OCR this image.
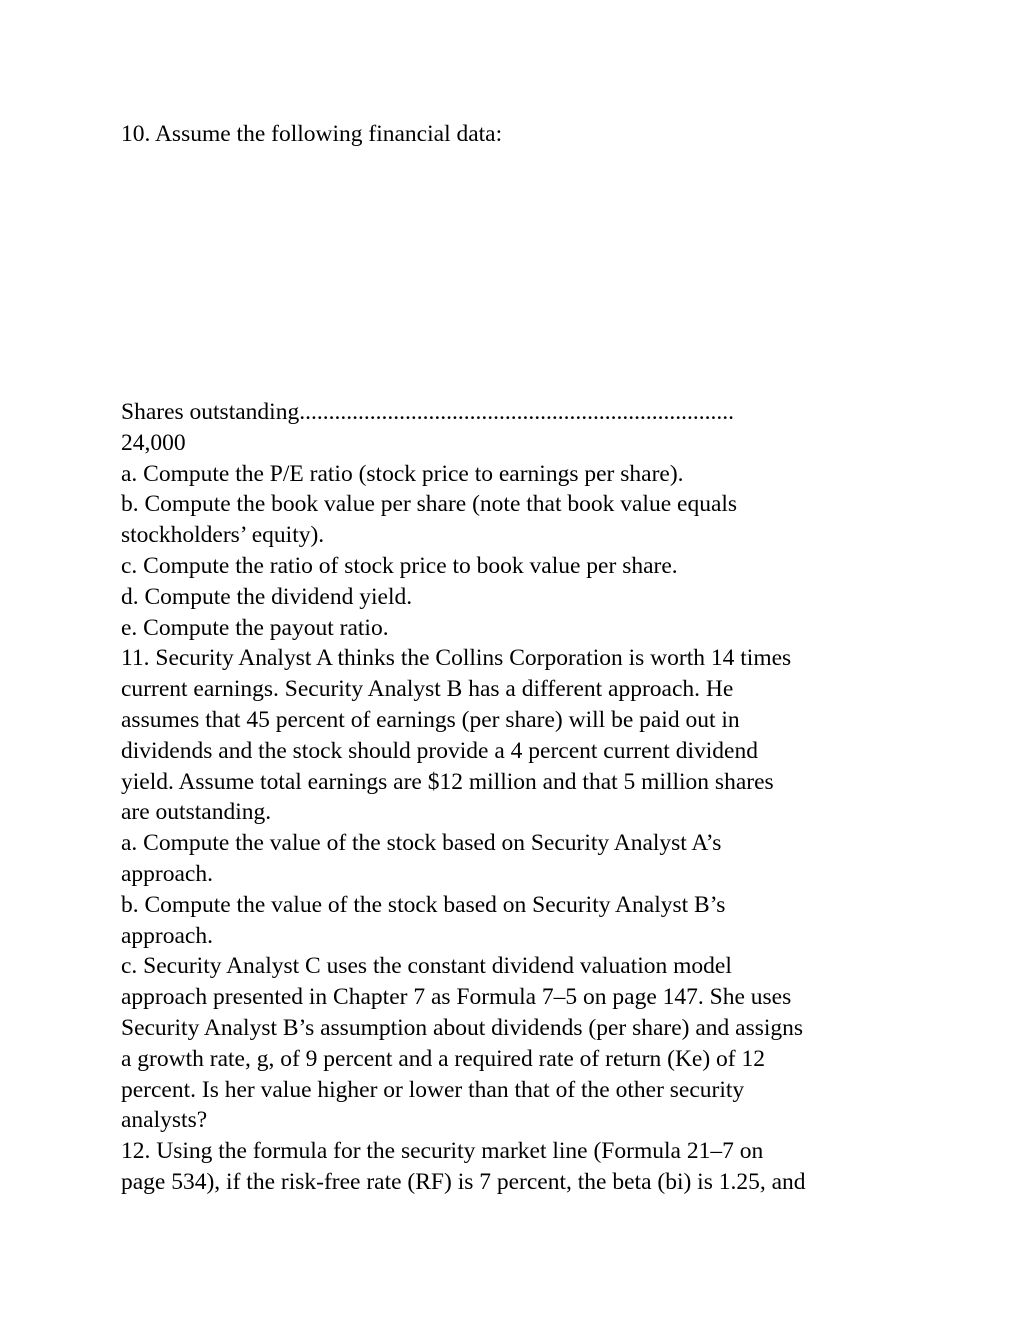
10. Assume the following financial data:

Shares outstanding..........................................................................
24,000
a. Compute the P/E ratio (stock price to earnings per share).
b. Compute the book value per share (note that book value equals
stockholders’ equity).
c. Compute the ratio of stock price to book value per share.
d. Compute the dividend yield.
e. Compute the payout ratio.
11. Security Analyst A thinks the Collins Corporation is worth 14 times
current earnings. Security Analyst B has a different approach. He
assumes that 45 percent of earnings (per share) will be paid out in
dividends and the stock should provide a 4 percent current dividend
yield. Assume total earnings are $12 million and that 5 million shares
are outstanding.
a. Compute the value of the stock based on Security Analyst A’s
approach.
b. Compute the value of the stock based on Security Analyst B’s
approach.
c. Security Analyst C uses the constant dividend valuation model
approach presented in Chapter 7 as Formula 7–5 on page 147. She uses
Security Analyst B’s assumption about dividends (per share) and assigns
a growth rate, g, of 9 percent and a required rate of return (Ke) of 12
percent. Is her value higher or lower than that of the other security
analysts?
12. Using the formula for the security market line (Formula 21–7 on
page 534), if the risk-free rate (RF) is 7 percent, the beta (bi) is 1.25, and
